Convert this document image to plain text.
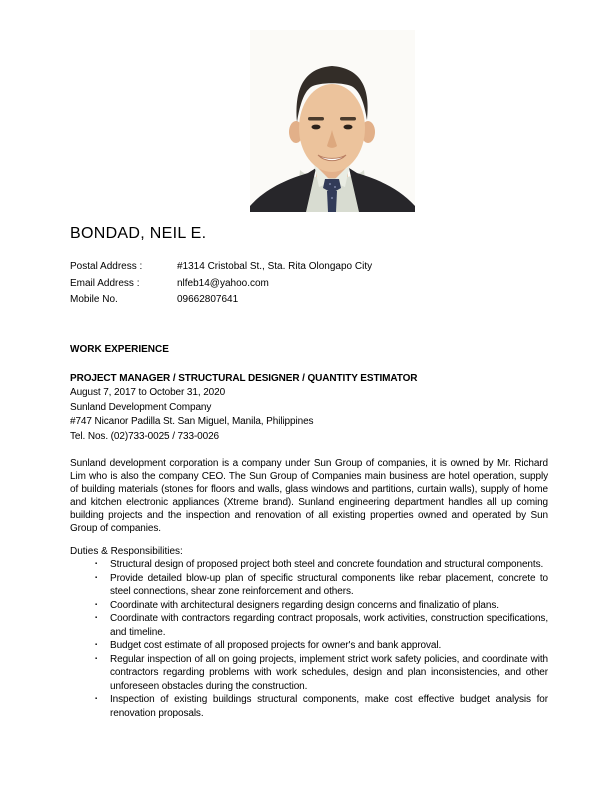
BONDAD, NEIL E.
Postal Address :	#1314 Cristobal St., Sta. Rita Olongapo City
Email Address :	nlfeb14@yahoo.com
Mobile No.	09662807641
WORK EXPERIENCE
PROJECT MANAGER / STRUCTURAL DESIGNER / QUANTITY ESTIMATOR
August 7, 2017 to October 31, 2020
Sunland Development Company
#747 Nicanor Padilla St. San Miguel, Manila, Philippines
Tel. Nos. (02)733-0025 / 733-0026

Sunland development corporation is a company under Sun Group of companies, it is owned by Mr. Richard Lim who is also the company CEO. The Sun Group of Companies main business are hotel operation, supply of building materials (stones for floors and walls, glass windows and partitions, curtain walls), supply of home and kitchen electronic appliances (Xtreme brand). Sunland engineering department handles all up coming building projects and the inspection and renovation of all existing properties owned and operated by Sun Group of companies.

Duties & Responsibilities:
▪	Structural design of proposed project both steel and concrete foundation and structural components.
▪	Provide detailed blow-up plan of specific structural components like rebar placement, concrete to steel connections, shear zone reinforcement and others.
▪	Coordinate with architectural designers regarding design concerns and finalizatio of plans.
▪	Coordinate with contractors regarding contract proposals, work activities, construction specifications, and timeline.
▪	Budget cost estimate of all proposed projects for owner's and bank approval.
▪	Regular inspection of all on going projects, implement strict work safety policies, and coordinate with contractors regarding problems with work schedules, design and plan inconsistencies, and other unforeseen obstacles during the construction.
▪	Inspection of existing buildings structural components, make cost effective budget analysis for renovation proposals.
